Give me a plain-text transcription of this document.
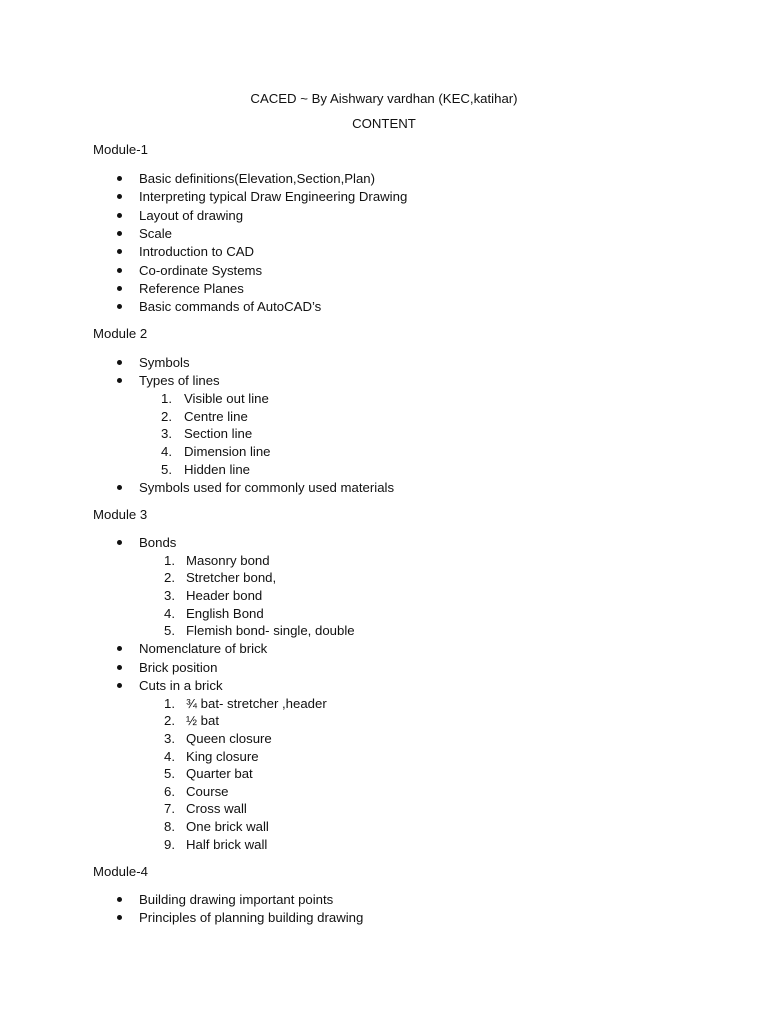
CACED ~ By Aishwary vardhan (KEC,katihar)
CONTENT
Module-1
Basic definitions(Elevation,Section,Plan)
Interpreting typical Draw Engineering Drawing
Layout of drawing
Scale
Introduction to CAD
Co-ordinate Systems
Reference Planes
Basic commands of AutoCAD’s
Module 2
Symbols
Types of lines
1. Visible out line
2. Centre line
3. Section line
4. Dimension line
5. Hidden line
Symbols used for commonly used materials
Module 3
Bonds
1. Masonry bond
2. Stretcher bond,
3. Header bond
4. English Bond
5. Flemish bond- single, double
Nomenclature of brick
Brick position
Cuts in a brick
1. ¾ bat- stretcher ,header
2. ½ bat
3. Queen closure
4. King closure
5. Quarter bat
6. Course
7. Cross wall
8. One brick wall
9. Half brick wall
Module-4
Building drawing important points
Principles of planning building drawing
